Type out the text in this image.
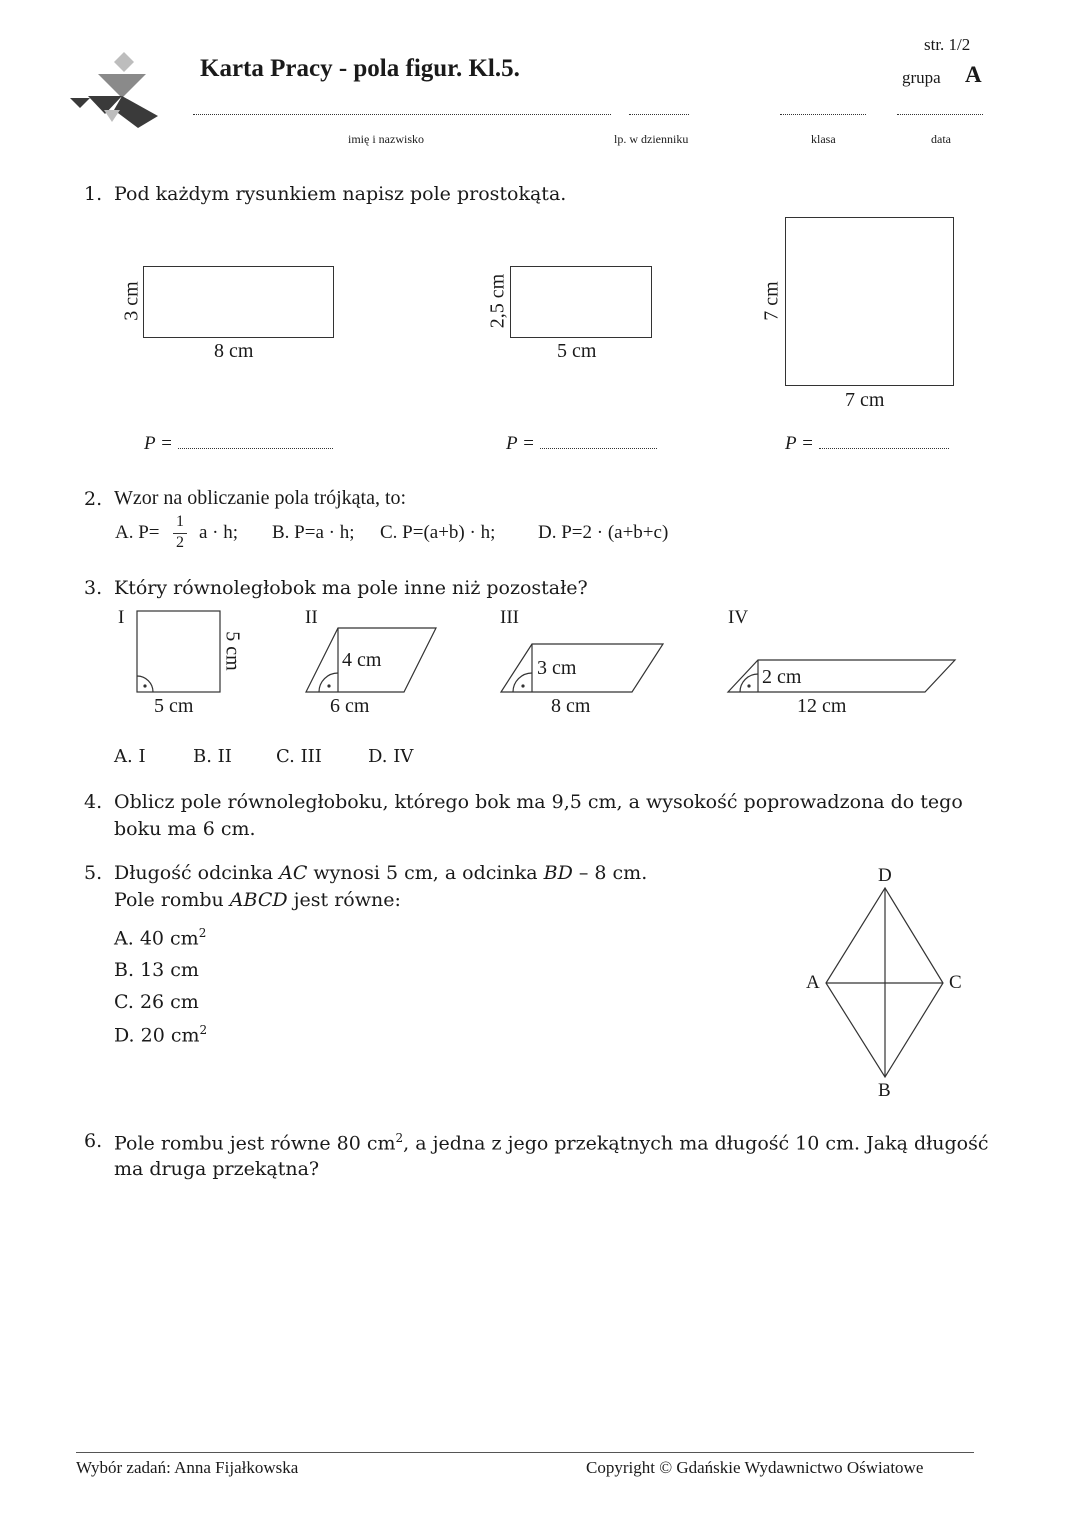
Karta Pracy - pola figur. Kl.5.
str. 1/2
grupa A
imię i nazwisko	lp. w dzienniku	klasa	data
1. Pod każdym rysunkiem napisz pole prostokąta.
3 cm
8 cm
2,5 cm
5 cm
7 cm
7 cm
P =	P =	P =
2. Wzor na obliczanie pola trójkąta, to:
A. P=
1
2 a · h; B. P=a · h; C. P=(a+b) · h; D. P=2 · (a+b+c)
3. Który równoległobok ma pole inne niż pozostałe?
I	II	III	IV
5 cm
5 cm
4 cm
6 cm
3 cm
8 cm
2 cm
12 cm
A. I	B. II C. III	D. IV
4. Oblicz pole równoległoboku, którego bok ma 9,5 cm, a wysokość poprowadzona do tego
boku ma 6 cm.
5. Długość odcinka AC wynosi 5 cm, a odcinka BD – 8 cm.
Pole rombu ABCD jest równe:
A. 40 $cm^2$
B. 13 cm
C. 26 cm
D. 20 $cm^2$
D
A	C
B
6. Pole rombu jest równe 80 $cm^2$, a jedna z jego przekątnych ma długość 10 cm. Jaką długość
ma druga przekątna?
Wybór zadań: Anna Fijałkowska	Copyright © Gdańskie Wydawnictwo Oświatowe
